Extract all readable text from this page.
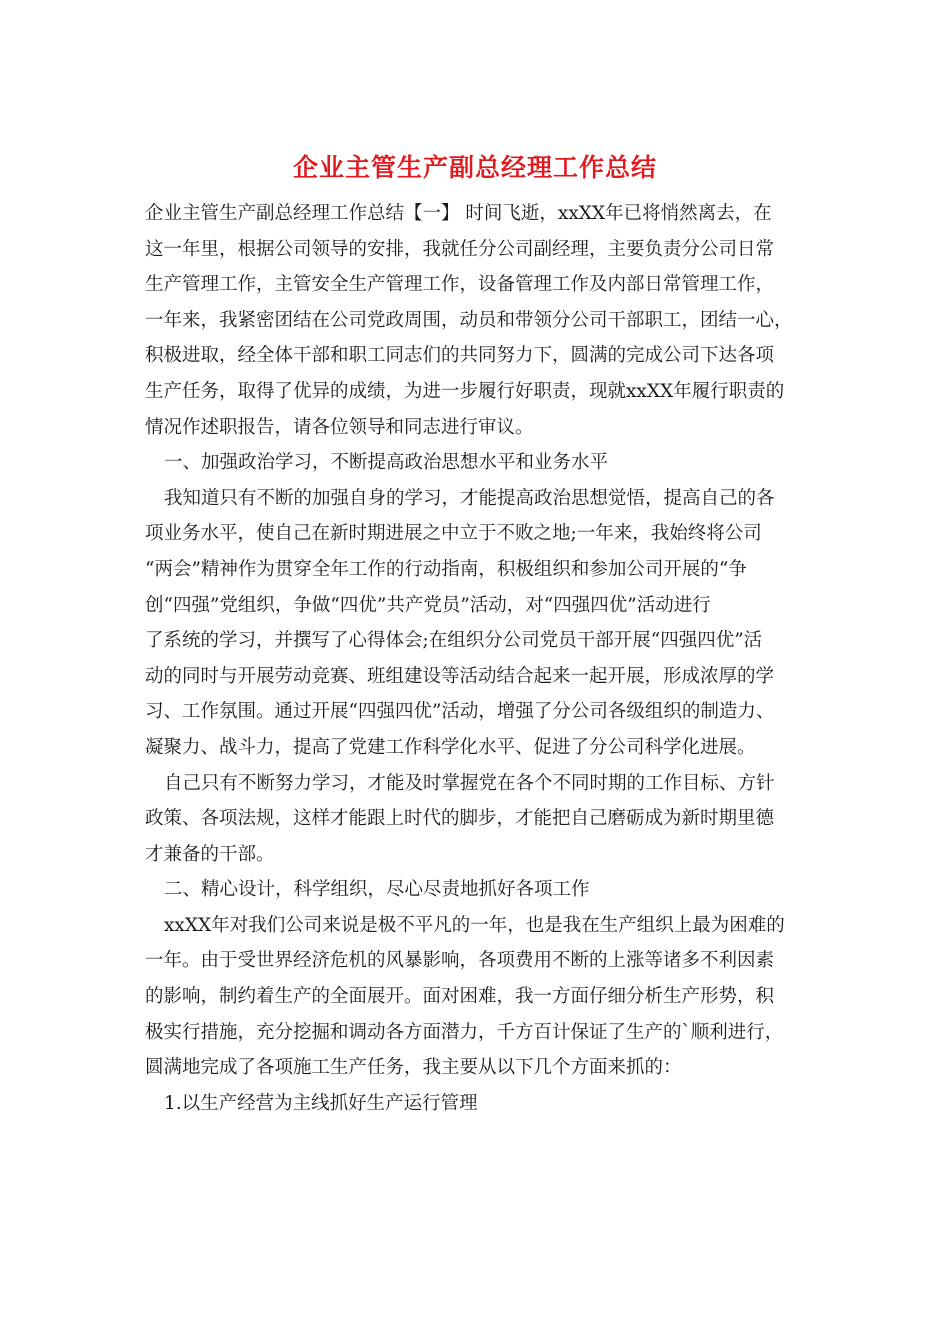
企业主管生产副总经理工作总结
企业主管生产副总经理工作总结【一】 时间飞逝，xxXX年已将悄然离去，在
这一年里，根据公司领导的安排，我就任分公司副经理，主要负责分公司日常
生产管理工作，主管安全生产管理工作，设备管理工作及内部日常管理工作，
一年来，我紧密团结在公司党政周围，动员和带领分公司干部职工，团结一心，
积极进取，经全体干部和职工同志们的共同努力下，圆满的完成公司下达各项
生产任务，取得了优异的成绩，为进一步履行好职责，现就xxXX年履行职责的
情况作述职报告，请各位领导和同志进行审议。
一、加强政治学习，不断提高政治思想水平和业务水平
我知道只有不断的加强自身的学习，才能提高政治思想觉悟，提高自己的各
项业务水平，使自己在新时期进展之中立于不败之地;一年来，我始终将公司
“两会”精神作为贯穿全年工作的行动指南，积极组织和参加公司开展的“争
创“四强”党组织，争做“四优”共产党员”活动，对“四强四优”活动进行
了系统的学习，并撰写了心得体会;在组织分公司党员干部开展“四强四优”活
动的同时与开展劳动竞赛、班组建设等活动结合起来一起开展，形成浓厚的学
习、工作氛围。通过开展“四强四优”活动，增强了分公司各级组织的制造力、
凝聚力、战斗力，提高了党建工作科学化水平、促进了分公司科学化进展。
自己只有不断努力学习，才能及时掌握党在各个不同时期的工作目标、方针
政策、各项法规，这样才能跟上时代的脚步，才能把自己磨砺成为新时期里德
才兼备的干部。
二、精心设计，科学组织，尽心尽责地抓好各项工作
xxXX年对我们公司来说是极不平凡的一年，也是我在生产组织上最为困难的
一年。由于受世界经济危机的风暴影响，各项费用不断的上涨等诸多不利因素
的影响，制约着生产的全面展开。面对困难，我一方面仔细分析生产形势，积
极实行措施，充分挖掘和调动各方面潜力，千方百计保证了生产的`顺利进行，
圆满地完成了各项施工生产任务，我主要从以下几个方面来抓的：
1.以生产经营为主线抓好生产运行管理
